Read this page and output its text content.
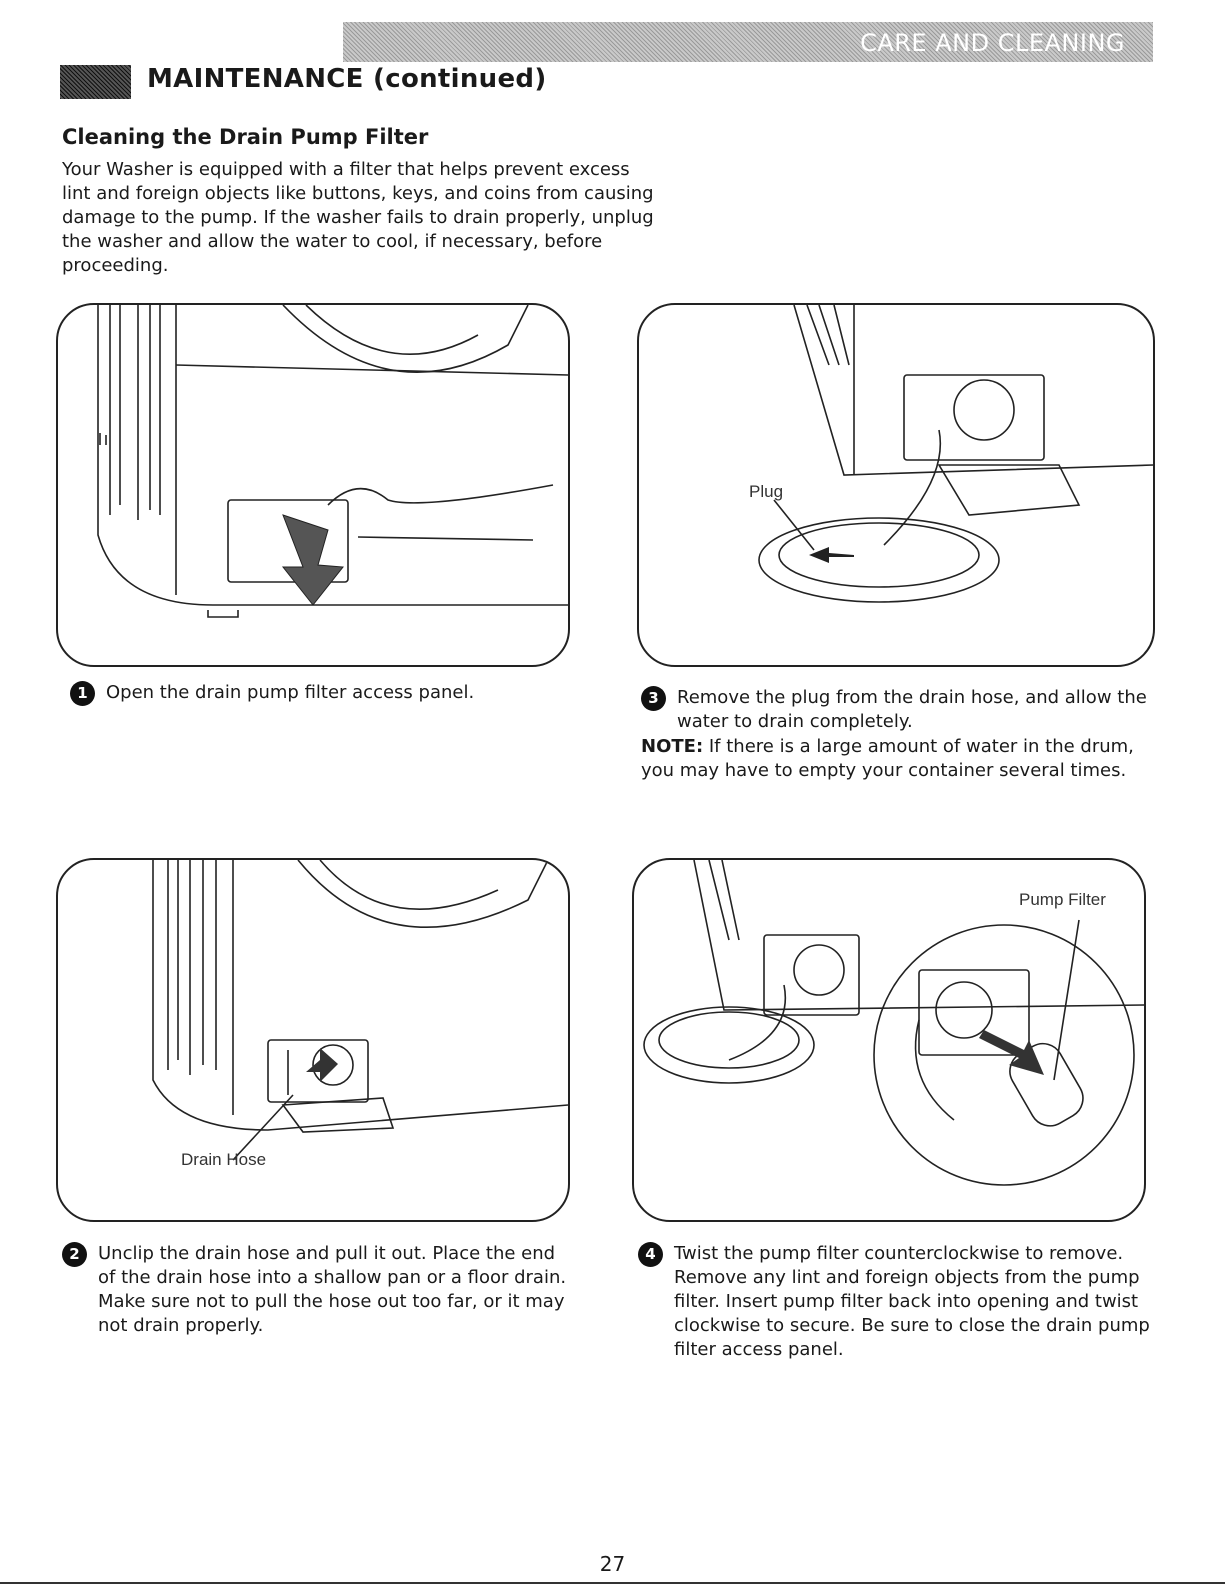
CARE AND CLEANING
MAINTENANCE (continued)
Cleaning the Drain Pump Filter

Your Washer is equipped with a filter that helps prevent excess lint and foreign objects like buttons, keys, and coins from causing damage to the pump. If the washer fails to drain properly, unplug the washer and allow the water to cool, if necessary, before proceeding.

Plug
Drain Hose
Pump Filter
1	Open the drain pump filter access panel.	3	Remove the plug from the drain hose, and allow the water to drain completely.

NOTE: If there is a large amount of water in the drum, you may have to empty your container several times.

2	Unclip the drain hose and pull it out. Place the end of the drain hose into a shallow pan or a floor drain. Make sure not to pull the hose out too far, or it may not drain properly.
4	Twist the pump filter counterclockwise to remove. Remove any lint and foreign objects from the pump filter. Insert pump filter back into opening and twist clockwise to secure. Be sure to close the drain pump filter access panel.
27
